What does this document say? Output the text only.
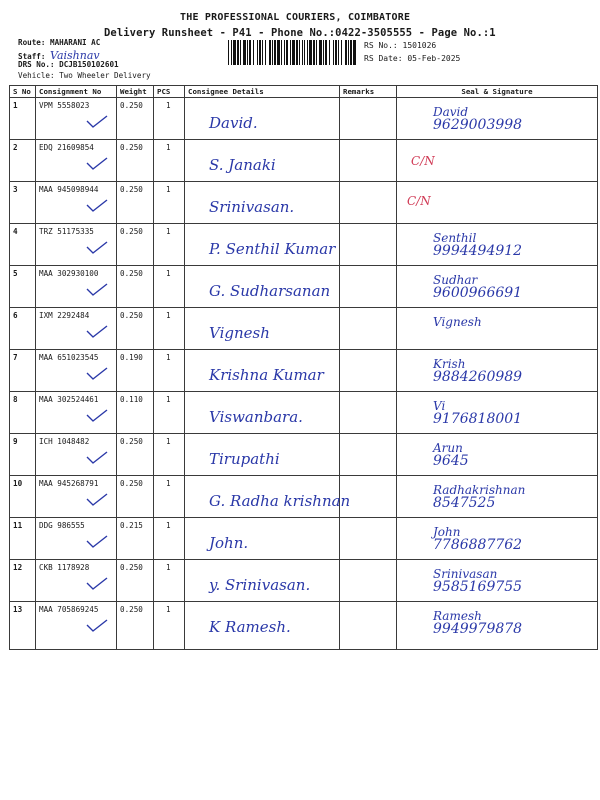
THE PROFESSIONAL COURIERS, COIMBATORE
Delivery Runsheet - P41 - Phone No.:0422-3505555 - Page No.:1
Route: MAHARANI AC
Staff: Vaishnav
DRS No.: DCJB150102601
Vehicle: Two Wheeler Delivery
RS No.: 1501026
RS Date: 05-Feb-2025
S No	Consignment No	Weight	PCS	Consignee Details	Remarks	Seal & Signature
1	VPM 5558023	0.250	1	David.		David
9629003998

2	EDQ 21609854	0.250	1	S. Janaki		C/N

3	MAA 945098944	0.250	1	Srinivasan.		C/N

4	TRZ 51175335	0.250	1	P. Senthil Kumar		Senthil
9994494912

5	MAA 302930100	0.250	1	G. Sudharsanan		Sudhar
9600966691

6	IXM 2292484	0.250	1	Vignesh		Vignesh

7	MAA 651023545	0.190	1	Krishna Kumar		Krish
9884260989

8	MAA 302524461	0.110	1	Viswanbara.		Vi
9176818001

9	ICH 1048482	0.250	1	Tirupathi		Arun
9645

10	MAA 945268791	0.250	1	G. Radha krishnan		Radhakrishnan
8547525

11	DDG 986555	0.215	1	John.		John
7786887762

12	CKB 1178928	0.250	1	y. Srinivasan.		Srinivasan
9585169755

13	MAA 705869245	0.250	1	K Ramesh.		Ramesh
9949979878
